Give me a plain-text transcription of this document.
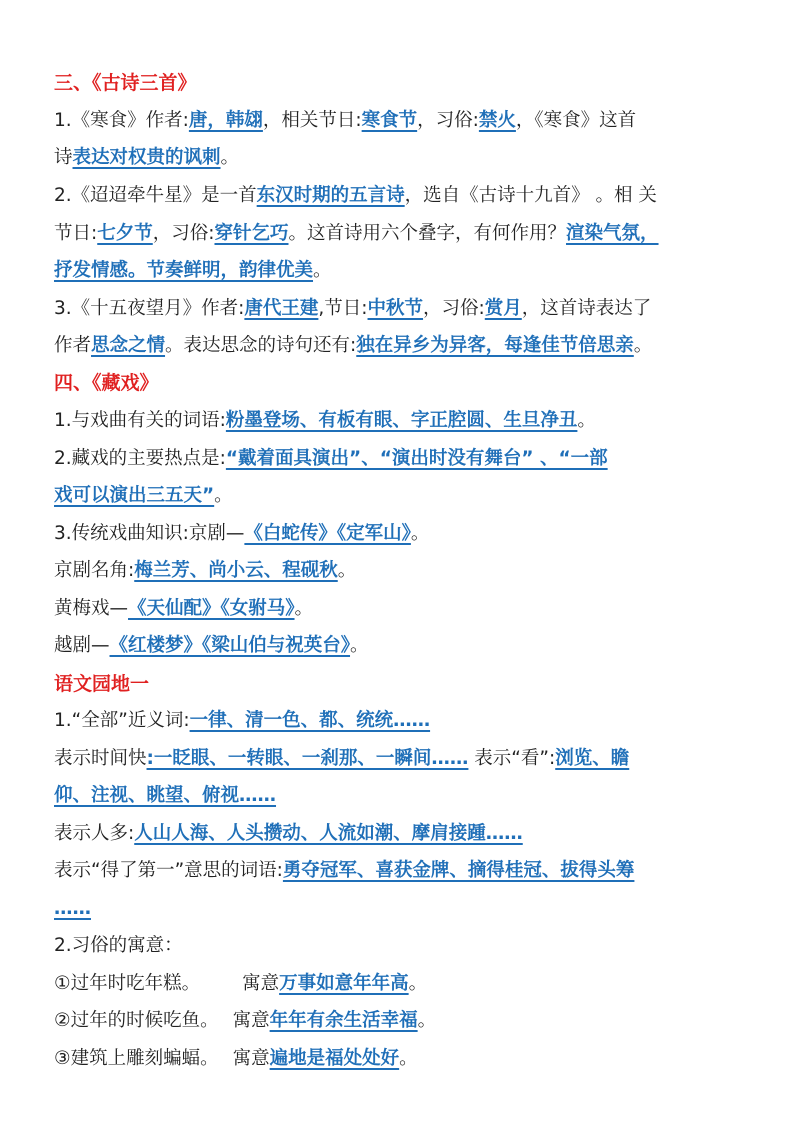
三、《古诗三首》
1.《寒食》作者:唐，韩翃，相关节日:寒食节，习俗:禁火，《寒食》这首
诗表达对权贵的讽刺。
2.《迢迢牵牛星》是一首东汉时期的五言诗，选自《古诗十九首》 。相 关
节日:七夕节，习俗:穿针乞巧。这首诗用六个叠字，有何作用？渲染气氛，
抒发情感。节奏鲜明，韵律优美。
3.《十五夜望月》作者:唐代王建,节日:中秋节，习俗:赏月，这首诗表达了
作者思念之情。表达思念的诗句还有:独在异乡为异客，每逢佳节倍思亲。
四、《藏戏》
1.与戏曲有关的词语:粉墨登场、有板有眼、字正腔圆、生旦净丑。
2.藏戏的主要热点是:“戴着面具演出”、“演出时没有舞台” 、“一部
戏可以演出三五天”。
3.传统戏曲知识:京剧—《白蛇传》《定军山》。
京剧名角:梅兰芳、尚小云、程砚秋。
黄梅戏—《天仙配》《女驸马》。
越剧—《红楼梦》《梁山伯与祝英台》。
语文园地一
1.“全部”近义词:一律、清一色、都、统统……
表示时间快:一眨眼、一转眼、一刹那、一瞬间…… 表示“看”:浏览、瞻
仰、注视、眺望、俯视……
表示人多:人山人海、人头攒动、人流如潮、摩肩接踵……
表示“得了第一”意思的词语:勇夺冠军、喜获金牌、摘得桂冠、拔得头筹
……
2.习俗的寓意：
①过年时吃年糕。 寓意万事如意年年高。
②过年的时候吃鱼。 寓意年年有余生活幸福。
③建筑上雕刻蝙蝠。 寓意遍地是福处处好。
